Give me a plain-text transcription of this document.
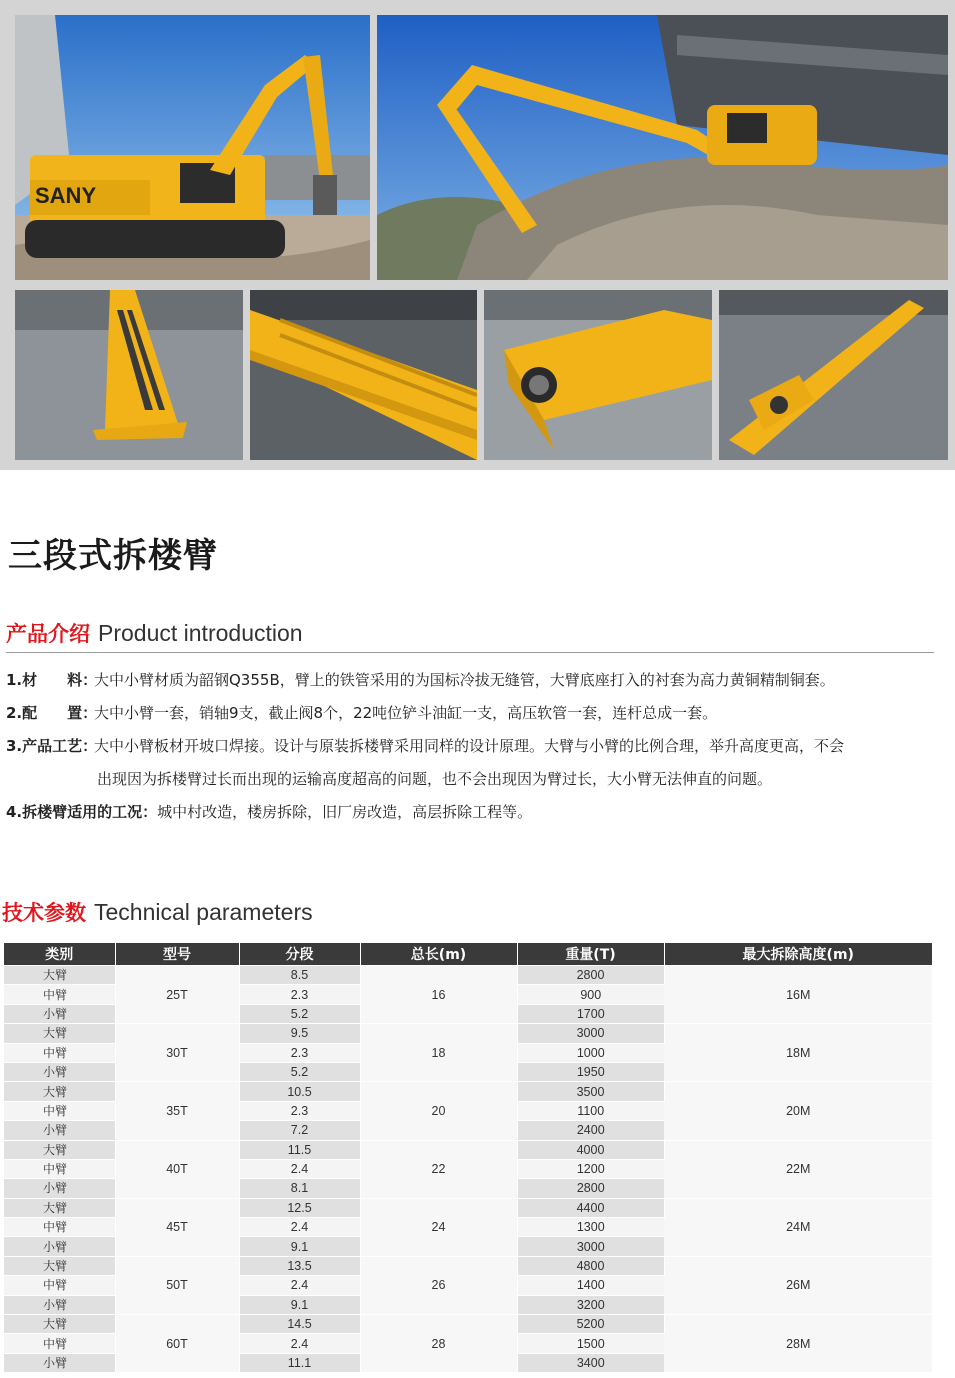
SANY
三段式拆楼臂
产品介绍 Product introduction
1.材　　料：大中小臂材质为韶钢Q355B，臂上的铁管采用的为国标冷拔无缝管，大臂底座打入的衬套为高力黄铜精制铜套。
2.配　　置：大中小臂一套，销轴9支，截止阀8个，22吨位铲斗油缸一支，高压软管一套，连杆总成一套。
3.产品工艺：大中小臂板材开坡口焊接。设计与原装拆楼臂采用同样的设计原理。大臂与小臂的比例合理，举升高度更高，不会
出现因为拆楼臂过长而出现的运输高度超高的问题，也不会出现因为臂过长，大小臂无法伸直的问题。
4.拆楼臂适用的工况：城中村改造，楼房拆除，旧厂房改造，高层拆除工程等。
技术参数 Technical parameters
类别	型号	分段	总长(m)	重量(T)	最大拆除高度(m)
大臂	25T	8.5	16	2800	16M
中臂		2.3		900	
小臂		5.2		1700	
大臂	30T	9.5	18	3000	18M
中臂		2.3		1000	
小臂		5.2		1950	
大臂	35T	10.5	20	3500	20M
中臂		2.3		1100	
小臂		7.2		2400	
大臂	40T	11.5	22	4000	22M
中臂		2.4		1200	
小臂		8.1		2800	
大臂	45T	12.5	24	4400	24M
中臂		2.4		1300	
小臂		9.1		3000	
大臂	50T	13.5	26	4800	26M
中臂		2.4		1400	
小臂		9.1		3200	
大臂	60T	14.5	28	5200	28M
中臂		2.4		1500	
小臂		11.1		3400	
